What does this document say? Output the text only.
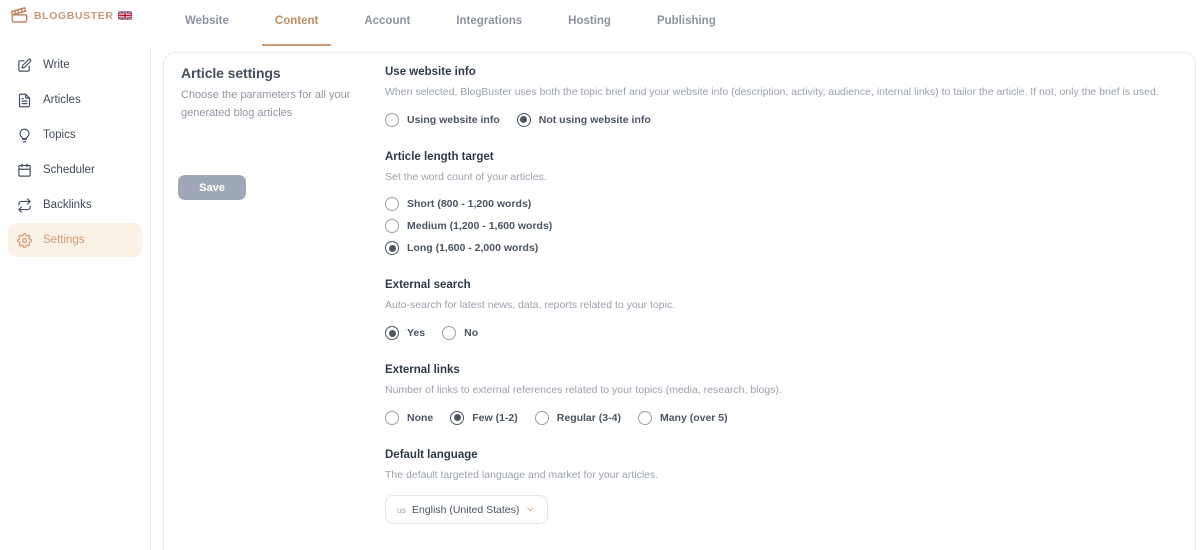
BLOGBUSTER	Website	Content	Account	Integrations	Hosting	Publishing
Write
Articles
Topics
Scheduler
Backlinks
Settings
Article settings

Choose the parameters for all your generated blog articles

Save
Use website info
When selected, BlogBuster uses both the topic brief and your website info (description, activity, audience, internal links) to tailor the article. If not, only the brief is used.
Using website info	Not using website info
Article length target
Set the word count of your articles.
Short (800 - 1,200 words)
Medium (1,200 - 1,600 words)
Long (1,600 - 2,000 words)
External search
Auto-search for latest news, data, reports related to your topic.
Yes	No
External links
Number of links to external references related to your topics (media, research, blogs).
None	Few (1-2)	Regular (3-4)	Many (over 5)
Default language
The default targeted language and market for your articles.
us English (United States)
